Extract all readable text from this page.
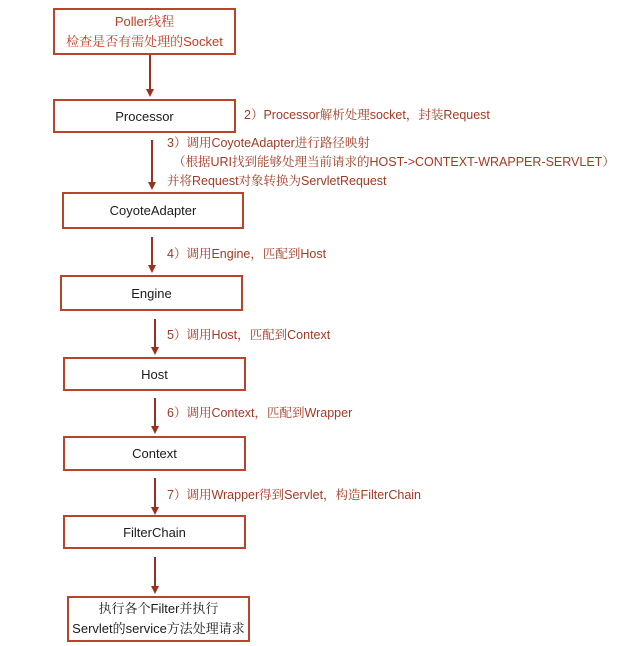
Poller线程
检查是否有需处理的Socket
Processor
CoyoteAdapter
Engine
Host
Context
FilterChain
执行各个Filter并执行
Servlet的service方法处理请求
2）Processor解析处理socket，封装Request
3）调用CoyoteAdapter进行路径映射
（根据URI找到能够处理当前请求的HOST->CONTEXT-WRAPPER-SERVLET）
并将Request对象转换为ServletRequest
4）调用Engine，匹配到Host
5）调用Host，匹配到Context
6）调用Context，匹配到Wrapper
7）调用Wrapper得到Servlet，构造FilterChain
